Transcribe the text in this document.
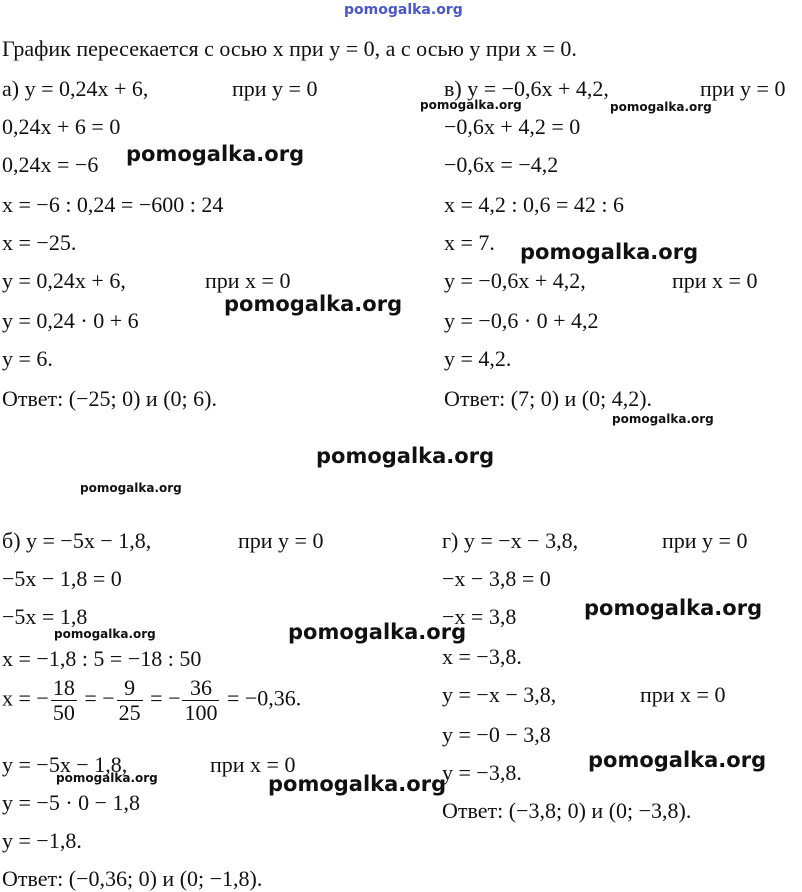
pomogalka.org
График пересекается с осью x при y = 0, а с осью y при x = 0.
а) y = 0,24x + 6,	при y = 0
0,24x + 6 = 0
0,24x = −6
x = −6 : 0,24 = −600 : 24
x = −25.
y = 0,24x + 6,	при x = 0
y = 0,24 · 0 + 6
y = 6.
Ответ: (−25; 0) и (0; 6).
в) y = −0,6x + 4,2,	при y = 0
−0,6x + 4,2 = 0
−0,6x = −4,2
x = 4,2 : 0,6 = 42 : 6
x = 7.
y = −0,6x + 4,2,	при x = 0
y = −0,6 · 0 + 4,2
y = 4,2.
Ответ: (7; 0) и (0; 4,2).
б) y = −5x − 1,8,	при y = 0
−5x − 1,8 = 0
−5x = 1,8
x = −1,8 : 5 = −18 : 50
x = − $\frac{18}{50}$ = − $\frac{9}{25}$ = − $\frac{36}{100} = -0,36$.
y = −5x − 1,8,	при x = 0
y = −5 · 0 − 1,8
y = −1,8.
Ответ: (−0,36; 0) и (0; −1,8).
г) y = −x − 3,8,	при y = 0
−x − 3,8 = 0
−x = 3,8
x = −3,8.
y = −x − 3,8,	при x = 0
y = −0 − 3,8
y = −3,8.
Ответ: (−3,8; 0) и (0; −3,8).
pomogalka.org
pomogalka.org	pomogalka.org
pomogalka.org
pomogalka.org
pomogalka.org
pomogalka.org
pomogalka.org
pomogalka.org
pomogalka.org	pomogalka.org
pomogalka.org
pomogalka.org	pomogalka.org
